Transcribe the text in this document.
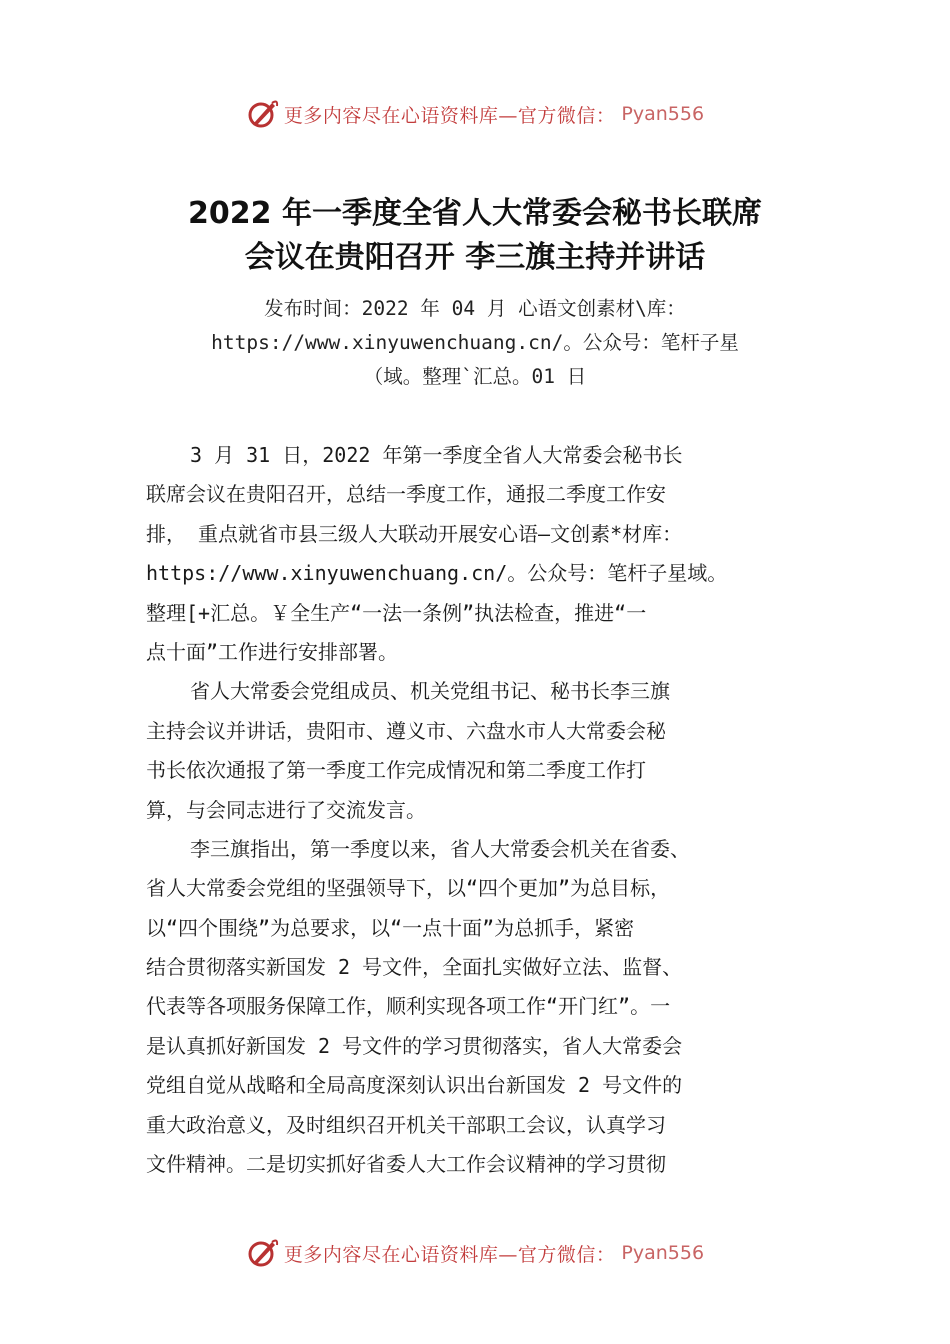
更多内容尽在心语资料库—官方微信： Pyan556
2022 年一季度全省人大常委会秘书长联席
会议在贵阳召开 李三旗主持并讲话
发布时间：2022 年 04 月 心语文创素材\库：
https://www.xinyuwenchuang.cn/。公众号：笔杆子星
（域。整理`汇总。01 日
3 月 31 日，2022 年第一季度全省人大常委会秘书长
联席会议在贵阳召开，总结一季度工作，通报二季度工作安
排， 重点就省市县三级人大联动开展安心语—文创素*材库：
https://www.xinyuwenchuang.cn/。公众号：笔杆子星域。
整理[+汇总。￥全生产“一法一条例”执法检查，推进“一
点十面”工作进行安排部署。
省人大常委会党组成员、机关党组书记、秘书长李三旗
主持会议并讲话，贵阳市、遵义市、六盘水市人大常委会秘
书长依次通报了第一季度工作完成情况和第二季度工作打
算，与会同志进行了交流发言。
李三旗指出，第一季度以来，省人大常委会机关在省委、
省人大常委会党组的坚强领导下，以“四个更加”为总目标，
以“四个围绕”为总要求，以“一点十面”为总抓手，紧密
结合贯彻落实新国发 2 号文件，全面扎实做好立法、监督、
代表等各项服务保障工作，顺利实现各项工作“开门红”。一
是认真抓好新国发 2 号文件的学习贯彻落实，省人大常委会
党组自觉从战略和全局高度深刻认识出台新国发 2 号文件的
重大政治意义，及时组织召开机关干部职工会议，认真学习
文件精神。二是切实抓好省委人大工作会议精神的学习贯彻
更多内容尽在心语资料库—官方微信： Pyan556
